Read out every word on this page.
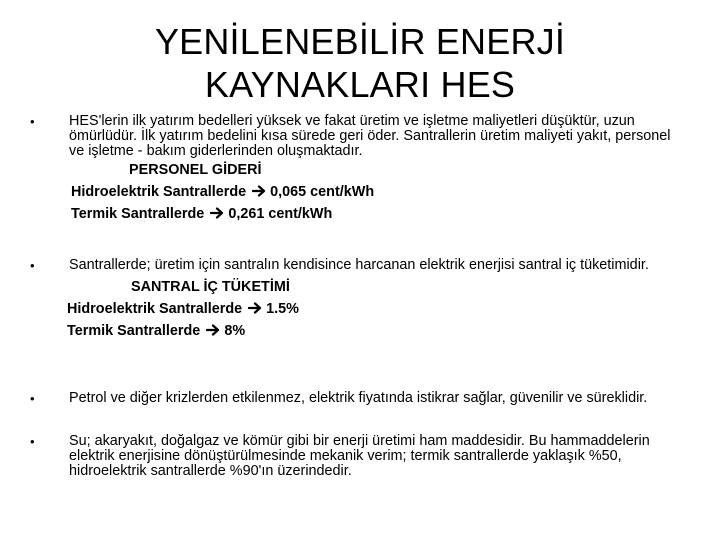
YENİLENEBİLİR ENERJİ KAYNAKLARI HES
•	HES'lerin ilk yatırım bedelleri yüksek ve fakat üretim ve işletme maliyetleri düşüktür, uzun ömürlüdür. İlk yatırım bedelini kısa sürede geri öder. Santrallerin üretim maliyeti yakıt, personel ve işletme - bakım giderlerinden oluşmaktadır.
PERSONEL GİDERİ
Hidroelektrik Santrallerde 0,065 cent/kWh
Termik Santrallerde 0,261 cent/kWh
•	Santrallerde; üretim için santralın kendisince harcanan elektrik enerjisi santral iç tüketimidir.
SANTRAL İÇ TÜKETİMİ
Hidroelektrik Santrallerde 1.5%
Termik Santrallerde 8%
•	Petrol ve diğer krizlerden etkilenmez, elektrik fiyatında istikrar sağlar, güvenilir ve süreklidir.
•	Su; akaryakıt, doğalgaz ve kömür gibi bir enerji üretimi ham maddesidir. Bu hammaddelerin elektrik enerjisine dönüştürülmesinde mekanik verim; termik santrallerde yaklaşık %50, hidroelektrik santrallerde %90'ın üzerindedir.
